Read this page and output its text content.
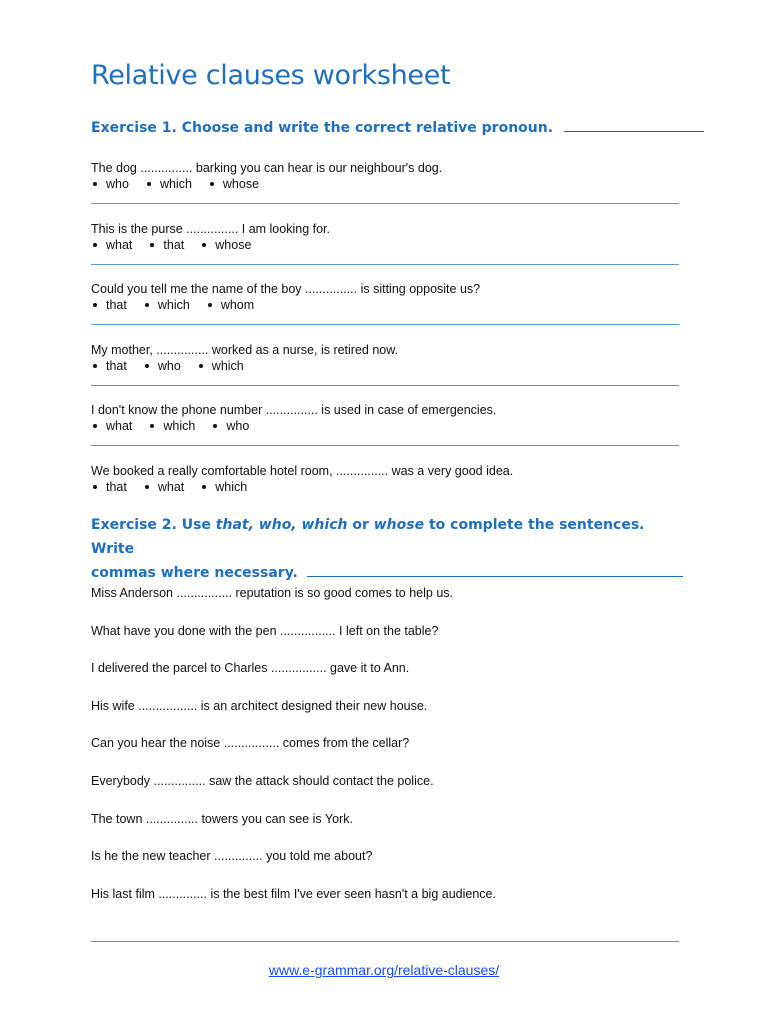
Relative clauses worksheet

Exercise 1. Choose and write the correct relative pronoun.

The dog ............... barking you can hear is our neighbour's dog.

who which whose

This is the purse ............... I am looking for.

what that whose

Could you tell me the name of the boy ............... is sitting opposite us?

that which whom

My mother, ............... worked as a nurse, is retired now.

that who which

I don't know the phone number ............... is used in case of emergencies.

what which who

We booked a really comfortable hotel room, ............... was a very good idea.

that what which

Exercise 2. Use that, who, which or whose to complete the sentences. Write
commas where necessary.

Miss Anderson ................ reputation is so good comes to help us.

What have you done with the pen ................ I left on the table?

I delivered the parcel to Charles ................ gave it to Ann.

His wife ................. is an architect designed their new house.

Can you hear the noise ................ comes from the cellar?

Everybody ............... saw the attack should contact the police.

The town ............... towers you can see is York.

Is he the new teacher .............. you told me about?

His last film .............. is the best film I've ever seen hasn't a big audience.

www.e-grammar.org/relative-clauses/
